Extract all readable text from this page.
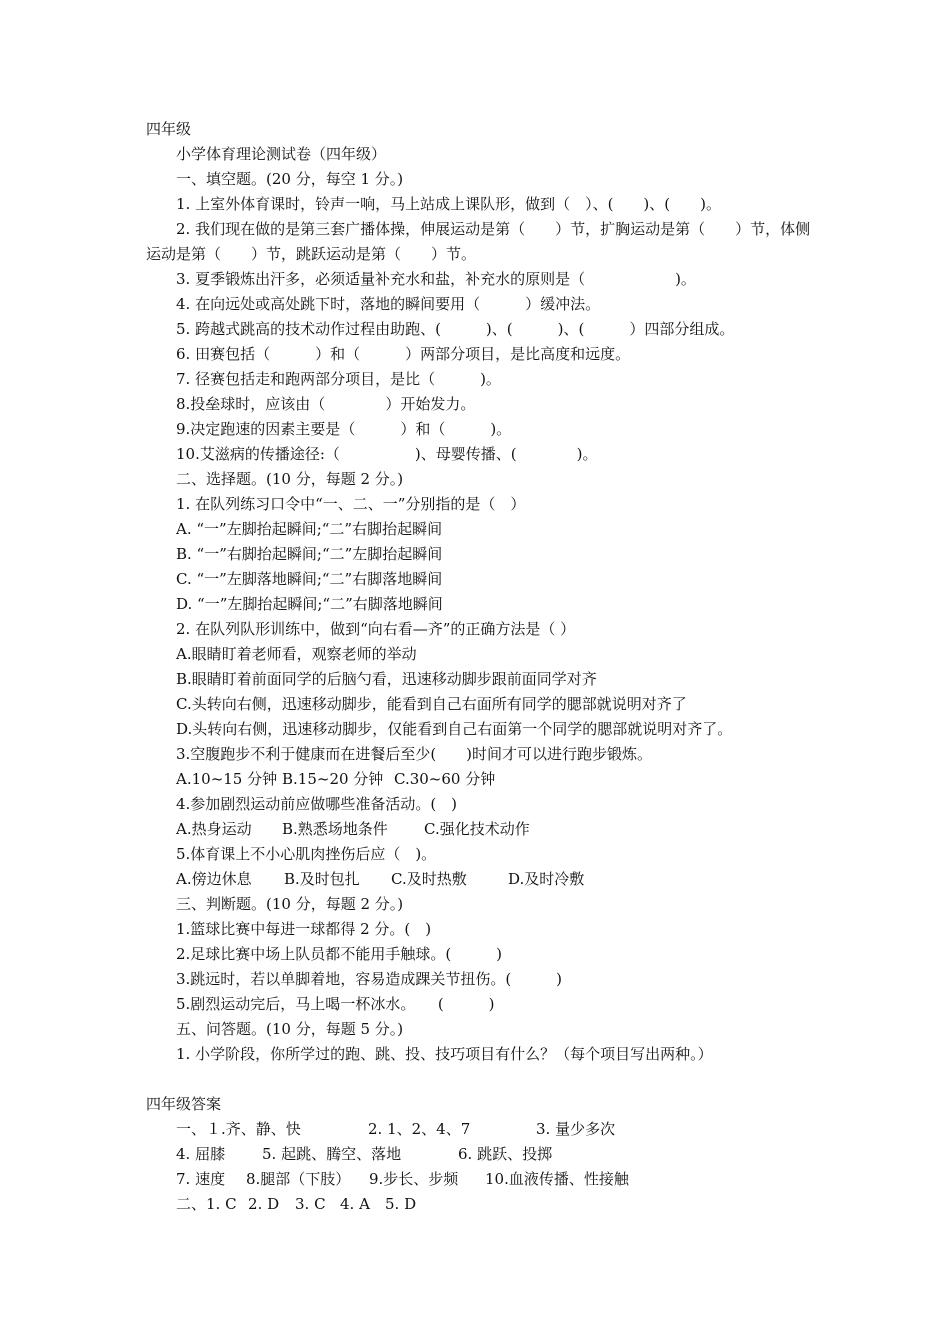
四年级
小学体育理论测试卷（四年级）
一、填空题。(20 分，每空 1 分。)
1. 上室外体育课时，铃声一响，马上站成上课队形，做到（　）、(　　)、(　　)。
2. 我们现在做的是第三套广播体操，伸展运动是第（　　）节，扩胸运动是第（　　）节，体侧运动是第（　　）节，跳跃运动是第（　　）节。
3. 夏季锻炼出汗多，必须适量补充水和盐，补充水的原则是（　　　　　　)。
4. 在向远处或高处跳下时，落地的瞬间要用（　　　）缓冲法。
5. 跨越式跳高的技术动作过程由助跑、(　　　)、(　　　)、(　　　）四部分组成。
6. 田赛包括（　　　）和（　　　）两部分项目，是比高度和远度。
7. 径赛包括走和跑两部分项目，是比（　　　)。
8.投垒球时，应该由（　　　　）开始发力。
9.决定跑速的因素主要是（　　　）和（　　　)。
10.艾滋病的传播途径:（　　　　　)、母婴传播、(　　　　)。
二、选择题。(10 分，每题 2 分。)
1. 在队列练习口令中“一、二、一”分别指的是（　）
A. “一”左脚抬起瞬间;“二”右脚抬起瞬间
B. “一”右脚抬起瞬间;“二”左脚抬起瞬间
C. “一”左脚落地瞬间;“二”右脚落地瞬间
D. “一”左脚抬起瞬间;“二”右脚落地瞬间
2. 在队列队形训练中，做到“向右看—齐”的正确方法是（ ）
A.眼睛盯着老师看，观察老师的举动
B.眼睛盯着前面同学的后脑勺看，迅速移动脚步跟前面同学对齐
C.头转向右侧，迅速移动脚步，能看到自己右面所有同学的腮部就说明对齐了
D.头转向右侧，迅速移动脚步，仅能看到自己右面第一个同学的腮部就说明对齐了。
3.空腹跑步不利于健康而在进餐后至少(　　)时间才可以进行跑步锻炼。
A.10~15 分钟 B.15~20 分钟 C.30~60 分钟
4.参加剧烈运动前应做哪些准备活动。(　)
A.热身运动	B.熟悉场地条件	C.强化技术动作
5.体育课上不小心肌肉挫伤后应（　)。
A.傍边休息	B.及时包扎	C.及时热敷	D.及时冷敷
三、判断题。(10 分，每题 2 分。)
1.篮球比赛中每进一球都得 2 分。(　)
2.足球比赛中场上队员都不能用手触球。(　　　)
3.跳远时，若以单脚着地，容易造成踝关节扭伤。(　　　)
5.剧烈运动完后，马上喝一杯冰水。　　(　　　)
五、问答题。(10 分，每题 5 分。)
1. 小学阶段，你所学过的跑、跳、投、技巧项目有什么？（每个项目写出两种。）
四年级答案
一、１.齐、静、快	2. 1、2、4、7	3. 量少多次
4. 屈膝	5. 起跳、腾空、落地	6. 跳跃、投掷
7. 速度	8.腿部（下肢）	9.步长、步频	10.血液传播、性接触
二、1. C 2. D	3. C 4. A	5. D
